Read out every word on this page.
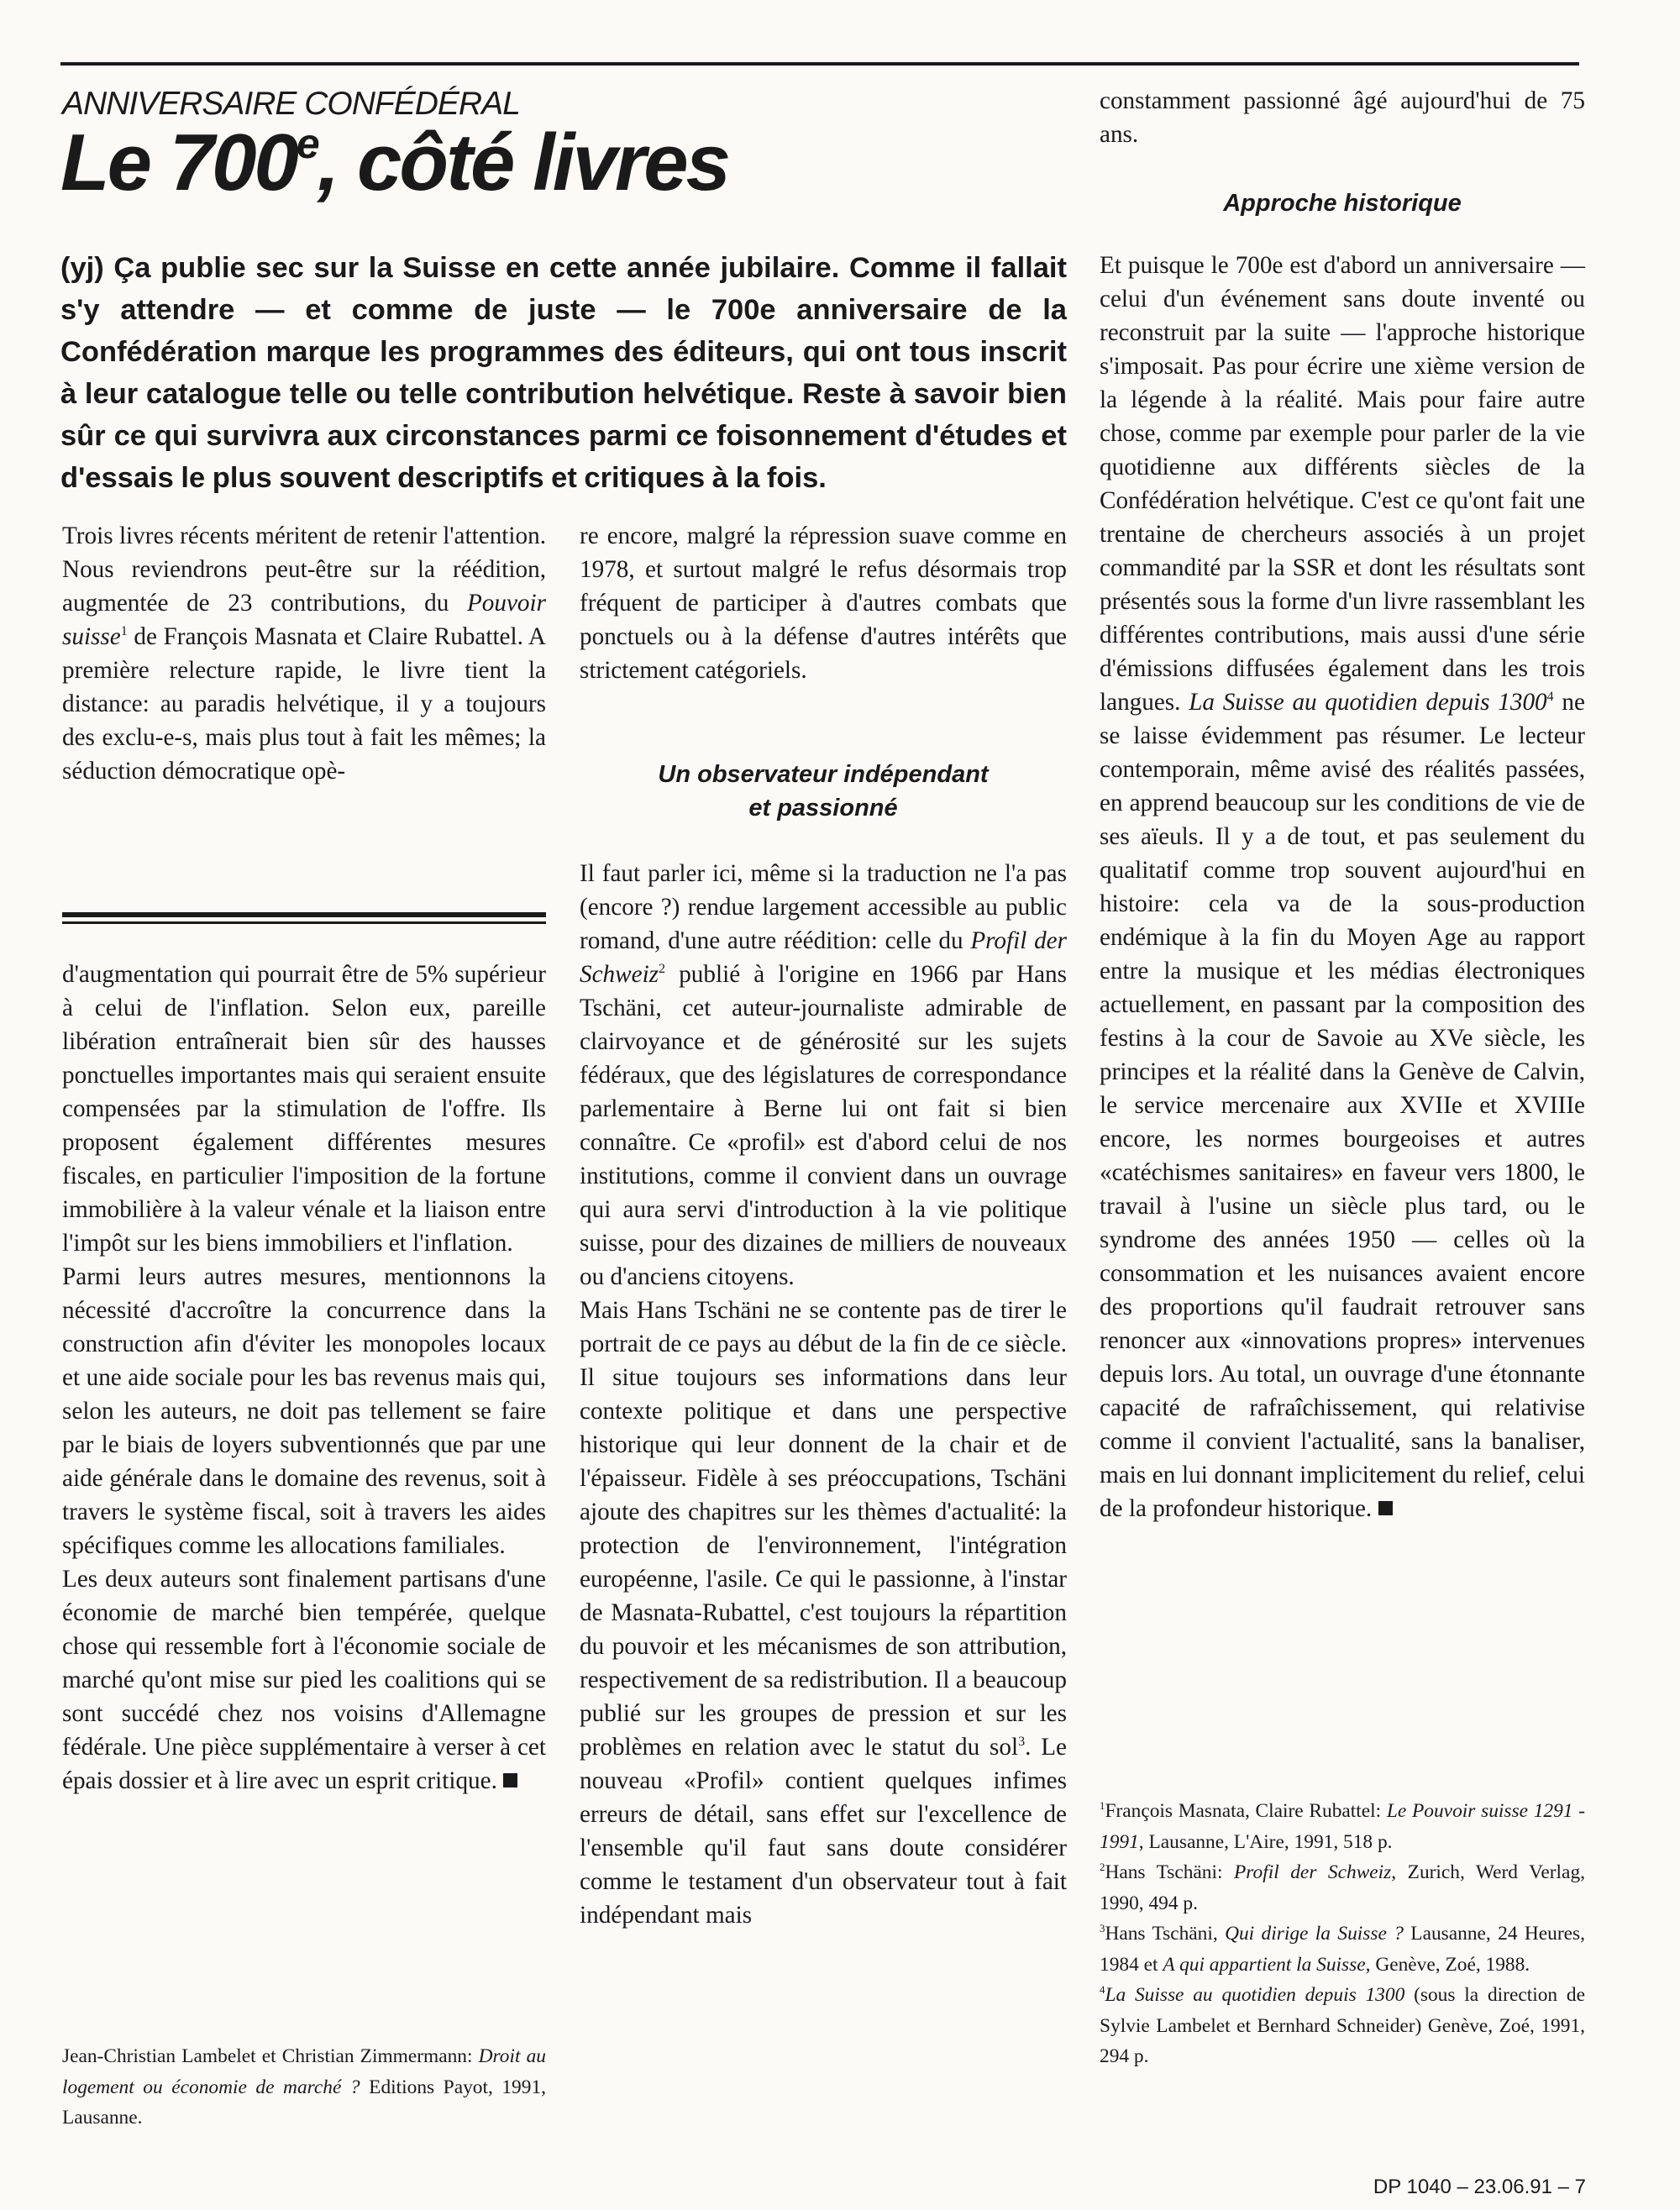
ANNIVERSAIRE CONFÉDÉRAL
Le 700e, côté livres
(yj) Ça publie sec sur la Suisse en cette année jubilaire. Comme il fallait s'y attendre — et comme de juste — le 700e anniversaire de la Confédération marque les programmes des éditeurs, qui ont tous inscrit à leur catalogue telle ou telle contribution helvétique. Reste à savoir bien sûr ce qui survivra aux circonstances parmi ce foisonnement d'études et d'essais le plus souvent descriptifs et critiques à la fois.

Trois livres récents méritent de retenir l'attention. Nous reviendrons peut-être sur la réédition, augmentée de 23 contributions, du Pouvoir suisse$^1$ de François Masnata et Claire Rubattel. A première relecture rapide, le livre tient la distance: au paradis helvétique, il y a toujours des exclu-e-s, mais plus tout à fait les mêmes; la séduction démocratique opè-

d'augmentation qui pourrait être de 5% supérieur à celui de l'inflation. Selon eux, pareille libération entraînerait bien sûr des hausses ponctuelles importantes mais qui seraient ensuite compensées par la stimulation de l'offre. Ils proposent également différentes mesures fiscales, en particulier l'imposition de la fortune immobilière à la valeur vénale et la liaison entre l'impôt sur les biens immobiliers et l'inflation.

Parmi leurs autres mesures, mentionnons la nécessité d'accroître la concurrence dans la construction afin d'éviter les monopoles locaux et une aide sociale pour les bas revenus mais qui, selon les auteurs, ne doit pas tellement se faire par le biais de loyers subventionnés que par une aide générale dans le domaine des revenus, soit à travers le système fiscal, soit à travers les aides spécifiques comme les allocations familiales.

Les deux auteurs sont finalement partisans d'une économie de marché bien tempérée, quelque chose qui ressemble fort à l'économie sociale de marché qu'ont mise sur pied les coalitions qui se sont succédé chez nos voisins d'Allemagne fédérale. Une pièce supplémentaire à verser à cet épais dossier et à lire avec un esprit critique.

Jean-Christian Lambelet et Christian Zimmermann: Droit au logement ou économie de marché ? Editions Payot, 1991, Lausanne.

re encore, malgré la répression suave comme en 1978, et surtout malgré le refus désormais trop fréquent de participer à d'autres combats que ponctuels ou à la défense d'autres intérêts que strictement catégoriels.

Un observateur indépendant
et passionné

Il faut parler ici, même si la traduction ne l'a pas (encore ?) rendue largement accessible au public romand, d'une autre réédition: celle du Profil der Schweiz$^2$ publié à l'origine en 1966 par Hans Tschäni, cet auteur-journaliste admirable de clairvoyance et de générosité sur les sujets fédéraux, que des législatures de correspondance parlementaire à Berne lui ont fait si bien connaître. Ce «profil» est d'abord celui de nos institutions, comme il convient dans un ouvrage qui aura servi d'introduction à la vie politique suisse, pour des dizaines de milliers de nouveaux ou d'anciens citoyens.

Mais Hans Tschäni ne se contente pas de tirer le portrait de ce pays au début de la fin de ce siècle. Il situe toujours ses informations dans leur contexte politique et dans une perspective historique qui leur donnent de la chair et de l'épaisseur. Fidèle à ses préoccupations, Tschäni ajoute des chapitres sur les thèmes d'actualité: la protection de l'environnement, l'intégration européenne, l'asile. Ce qui le passionne, à l'instar de Masnata-Rubattel, c'est toujours la répartition du pouvoir et les mécanismes de son attribution, respectivement de sa redistribution. Il a beaucoup publié sur les groupes de pression et sur les problèmes en relation avec le statut du sol$^3$. Le nouveau «Profil» contient quelques infimes erreurs de détail, sans effet sur l'excellence de l'ensemble qu'il faut sans doute considérer comme le testament d'un observateur tout à fait indépendant mais

constamment passionné âgé aujourd'hui de 75 ans.

Approche historique

Et puisque le 700e est d'abord un anniversaire — celui d'un événement sans doute inventé ou reconstruit par la suite — l'approche historique s'imposait. Pas pour écrire une xième version de la légende à la réalité. Mais pour faire autre chose, comme par exemple pour parler de la vie quotidienne aux différents siècles de la Confédération helvétique. C'est ce qu'ont fait une trentaine de chercheurs associés à un projet commandité par la SSR et dont les résultats sont présentés sous la forme d'un livre rassemblant les différentes contributions, mais aussi d'une série d'émissions diffusées également dans les trois langues. La Suisse au quotidien depuis 1300$^4$ ne se laisse évidemment pas résumer. Le lecteur contemporain, même avisé des réalités passées, en apprend beaucoup sur les conditions de vie de ses aïeuls. Il y a de tout, et pas seulement du qualitatif comme trop souvent aujourd'hui en histoire: cela va de la sous-production endémique à la fin du Moyen Age au rapport entre la musique et les médias électroniques actuellement, en passant par la composition des festins à la cour de Savoie au XVe siècle, les principes et la réalité dans la Genève de Calvin, le service mercenaire aux XVIIe et XVIIIe encore, les normes bourgeoises et autres «catéchismes sanitaires» en faveur vers 1800, le travail à l'usine un siècle plus tard, ou le syndrome des années 1950 — celles où la consommation et les nuisances avaient encore des proportions qu'il faudrait retrouver sans renoncer aux «innovations propres» intervenues depuis lors. Au total, un ouvrage d'une étonnante capacité de rafraîchissement, qui relativise comme il convient l'actualité, sans la banaliser, mais en lui donnant implicitement du relief, celui de la profondeur historique.

$^1$François Masnata, Claire Rubattel: Le Pouvoir suisse 1291 - 1991, Lausanne, L'Aire, 1991, 518 p.

$^2$Hans Tschäni: Profil der Schweiz, Zurich, Werd Verlag, 1990, 494 p.

$^3$Hans Tschäni, Qui dirige la Suisse ? Lausanne, 24 Heures, 1984 et A qui appartient la Suisse, Genève, Zoé, 1988.

$^4$La Suisse au quotidien depuis 1300 (sous la direction de Sylvie Lambelet et Bernhard Schneider) Genève, Zoé, 1991, 294 p.

DP 1040 – 23.06.91 – 7
